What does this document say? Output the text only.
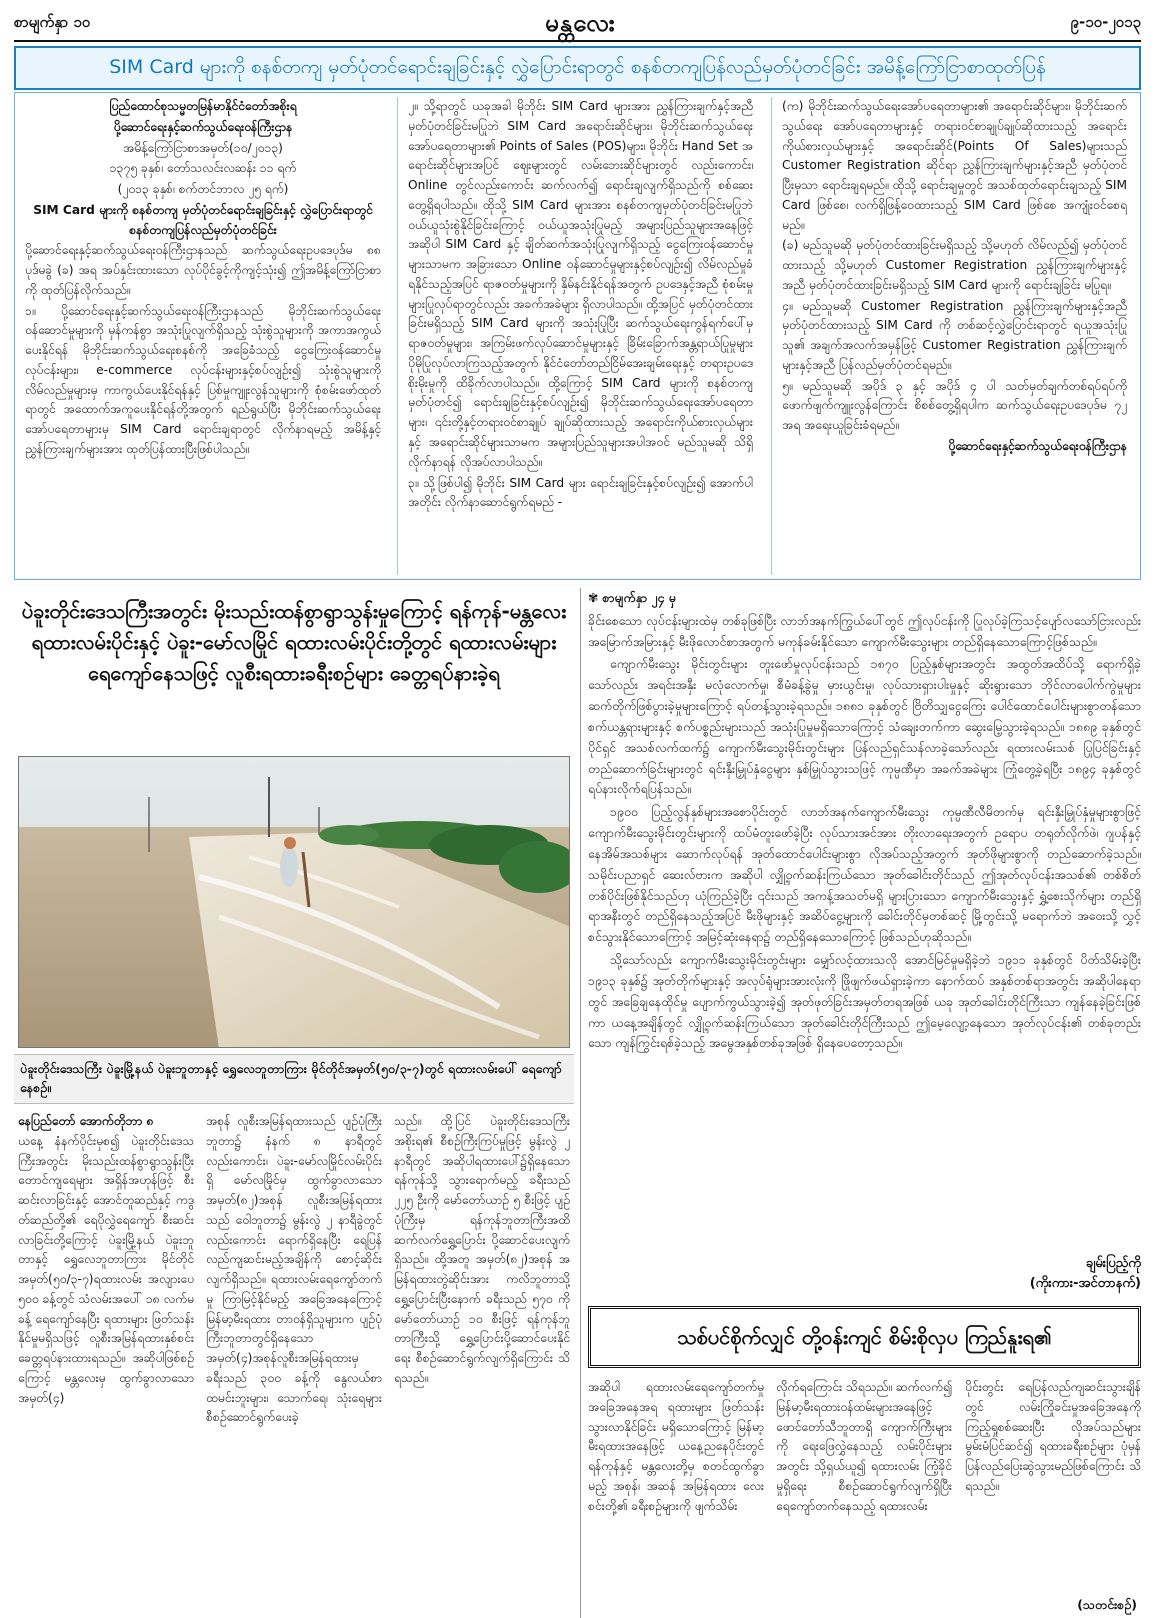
စာမျက်နှာ ၁၀	မန္တလေး	၉-၁၀-၂၀၁၃
SIM Card များကို စနစ်တကျ မှတ်ပုံတင်ရောင်းချခြင်းနှင့် လွှဲပြောင်းရာတွင် စနစ်တကျပြန်လည်မှတ်ပုံတင်ခြင်း အမိန့်ကြော်ငြာစာထုတ်ပြန်

ပြည်ထောင်စုသမ္မတမြန်မာနိုင်ငံတော်အစိုးရ

ပို့ဆောင်ရေးနှင့်ဆက်သွယ်ရေးဝန်ကြီးဌာန

အမိန့်ကြော်ငြာစာအမှတ်(၁၀/၂၀၁၃)

၁၃၇၅ ခုနှစ်၊ တော်သလင်းလဆန်း ၁၁ ရက်

(၂၀၁၃ ခုနှစ်၊ စက်တင်ဘာလ ၂၅ ရက်)

SIM Card များကို စနစ်တကျ မှတ်ပုံတင်ရောင်းချခြင်းနှင့် လွှဲပြောင်းရာတွင် စနစ်တကျပြန်လည်မှတ်ပုံတင်ခြင်း

ပို့ဆောင်ရေးနှင့်ဆက်သွယ်ရေးဝန်ကြီးဌာနသည် ဆက်သွယ်ရေးဥပဒေပုဒ်မ ၈၈ ပုဒ်မခွဲ (ခ) အရ အပ်နှင်းထားသော လုပ်ပိုင်ခွင့်ကိုကျင့်သုံး၍ ဤအမိန့်ကြော်ငြာစာကို ထုတ်ပြန်လိုက်သည်။

၁။ ပို့ဆောင်ရေးနှင့်ဆက်သွယ်ရေးဝန်ကြီးဌာနသည် မိုဘိုင်းဆက်သွယ်ရေးဝန်ဆောင်မှုများကို မှန်ကန်စွာ အသုံးပြုလျက်ရှိသည့် သုံးစွဲသူများကို အကာအကွယ်ပေးနိုင်ရန် မိုဘိုင်းဆက်သွယ်ရေးစနစ်ကို အခြေခံသည့် ငွေကြေးဝန်ဆောင်မှုလုပ်ငန်းများ၊ e-commerce လုပ်ငန်းများနှင့်စပ်လျဉ်း၍ သုံးစွဲသူများကို လိမ်လည်မှုများမှ ကာကွယ်ပေးနိုင်ရန်နှင့် ပြစ်မှုကျူးလွန်သူများကို စုံစမ်းဖော်ထုတ်ရာတွင် အထောက်အကူပေးနိုင်ရန်တို့အတွက် ရည်ရွယ်ပြီး မိုဘိုင်းဆက်သွယ်ရေးအော်ပရေတာများမှ SIM Card ရောင်းချရာတွင် လိုက်နာရမည့် အမိန့်နှင့် ညွှန်ကြားချက်များအား ထုတ်ပြန်ထားပြီးဖြစ်ပါသည်။

၂။ သို့ရာတွင် ယခုအခါ မိုဘိုင်း SIM Card များအား ညွှန်ကြားချက်နှင့်အညီ မှတ်ပုံတင်ခြင်းမပြုဘဲ SIM Card အရောင်းဆိုင်များ၊ မိုဘိုင်းဆက်သွယ်ရေးအော်ပရေတာများ၏ Points of Sales (POS)များ၊ မိုဘိုင်း Hand Set အရောင်းဆိုင်များအပြင် ဈေးများတွင် လမ်းဘေးဆိုင်များတွင် လည်းကောင်း၊ Online တွင်လည်းကောင်း ဆက်လက်၍ ရောင်းချလျက်ရှိသည်ကို စစ်ဆေးတွေ့ရှိရပါသည်။ ထိုသို့ SIM Card များအား စနစ်တကျမှတ်ပုံတင်ခြင်းမပြုဘဲ ဝယ်ယူသုံးစွဲနိုင်ခြင်းကြောင့် ဝယ်ယူအသုံးပြုမည့် အများပြည်သူများအနေဖြင့် အဆိုပါ SIM Card နှင့် ချိတ်ဆက်အသုံးပြုလျက်ရှိသည့် ငွေကြေးဝန်ဆောင်မှုများသာမက အခြားသော Online ဝန်ဆောင်မှုများနှင့်စပ်လျဉ်း၍ လိမ်လည်မှုခံရနိုင်သည့်အပြင် ရာဇဝတ်မှုများကို နှိမ်နင်းနိုင်ရန်အတွက် ဥပဒေနှင့်အညီ စုံစမ်းမှုများပြုလုပ်ရာတွင်လည်း အခက်အခဲများ ရှိလာပါသည်။ ထို့အပြင် မှတ်ပုံတင်ထားခြင်းမရှိသည့် SIM Card များကို အသုံးပြုပြီး ဆက်သွယ်ရေးကွန်ရက်ပေါ်မှ ရာဇဝတ်မှုများ၊ အကြမ်းဖက်လုပ်ဆောင်မှုများနှင့် ခြိမ်းခြောက်အန္တရာယ်ပြုမှုများ ပိုမိုပြုလုပ်လာကြသည့်အတွက် နိုင်ငံတော်တည်ငြိမ်အေးချမ်းရေးနှင့် တရားဥပဒေစိုးမိုးမှုကို ထိခိုက်လာပါသည်။ ထို့ကြောင့် SIM Card များကို စနစ်တကျမှတ်ပုံတင်၍ ရောင်းချခြင်းနှင့်စပ်လျဉ်း၍ မိုဘိုင်းဆက်သွယ်ရေးအော်ပရေတာများ၊ ၎င်းတို့နှင့်တရားဝင်စာချုပ် ချုပ်ဆိုထားသည့် အရောင်းကိုယ်စားလှယ်များနှင့် အရောင်းဆိုင်များသာမက အများပြည်သူများအပါအဝင် မည်သူမဆို သိရှိလိုက်နာရန် လိုအပ်လာပါသည်။

၃။ သို့ဖြစ်ပါ၍ မိုဘိုင်း SIM Card များ ရောင်းချခြင်းနှင့်စပ်လျဉ်း၍ အောက်ပါအတိုင်း လိုက်နာဆောင်ရွက်ရမည် -

(က) မိုဘိုင်းဆက်သွယ်ရေးအော်ပရေတာများ၏ အရောင်းဆိုင်များ၊ မိုဘိုင်းဆက်သွယ်ရေး အော်ပရေတာများနှင့် တရားဝင်စာချုပ်ချုပ်ဆိုထားသည့် အရောင်းကိုယ်စားလှယ်များနှင့် အရောင်းဆိုင်(Points Of Sales)များသည် Customer Registration ဆိုင်ရာ ညွှန်ကြားချက်များနှင့်အညီ မှတ်ပုံတင်ပြီးမှသာ ရောင်းချရမည်။ ထိုသို့ ရောင်းချမှုတွင် အသစ်ထုတ်ရောင်းချသည့် SIM Card ဖြစ်စေ၊ လက်ရှိဖြန့်ဝေထားသည့် SIM Card ဖြစ်စေ အကျုံးဝင်စေရမည်။

(ခ) မည်သူမဆို မှတ်ပုံတင်ထားခြင်းမရှိသည့် သို့မဟုတ် လိမ်လည်၍ မှတ်ပုံတင်ထားသည့် သို့မဟုတ် Customer Registration ညွှန်ကြားချက်များနှင့်အညီ မှတ်ပုံတင်ထားခြင်းမရှိသည့် SIM Card များကို ရောင်းချခြင်း မပြုရ။

၄။ မည်သူမဆို Customer Registration ညွှန်ကြားချက်များနှင့်အညီ မှတ်ပုံတင်ထားသည့် SIM Card ကို တစ်ဆင့်လွှဲပြောင်းရာတွင် ရယူအသုံးပြုသူ၏ အချက်အလက်အမှန်ဖြင့် Customer Registration ညွှန်ကြားချက်များနှင့်အညီ ပြန်လည်မှတ်ပုံတင်ရမည်။

၅။ မည်သူမဆို အပိုဒ် ၃ နှင့် အပိုဒ် ၄ ပါ သတ်မှတ်ချက်တစ်ရပ်ရပ်ကို ဖောက်ဖျက်ကျူးလွန်ကြောင်း စိစစ်တွေ့ရှိရပါက ဆက်သွယ်ရေးဥပဒေပုဒ်မ ၇၂ အရ အရေးယူခြင်းခံရမည်။

ပို့ဆောင်ရေးနှင့်ဆက်သွယ်ရေးဝန်ကြီးဌာန

ပဲခူးတိုင်းဒေသကြီးအတွင်း မိုးသည်းထန်စွာရွာသွန်းမှုကြောင့် ရန်ကုန်-မန္တလေး ရထားလမ်းပိုင်းနှင့် ပဲခူး-မော်လမြိုင် ရထားလမ်းပိုင်းတို့တွင် ရထားလမ်းများ ရေကျော်နေသဖြင့် လူစီးရထားခရီးစဉ်များ ခေတ္တရပ်နားခဲ့ရ
ပဲခူးတိုင်းဒေသကြီး ပဲခူးမြို့နယ် ပဲခူးဘူတာနှင့် ရွှေလေဘူတာကြား မိုင်တိုင်အမှတ်(၅၀/၃-၇)တွင် ရထားလမ်းပေါ် ရေကျော်နေစဉ်။

နေပြည်တော် အောက်တိုဘာ ၈

ယနေ့ နံနက်ပိုင်းမှစ၍ ပဲခူးတိုင်းဒေသကြီးအတွင်း မိုးသည်းထန်စွာရွာသွန်းပြီး တောင်ကျရေများ အရှိန်အဟုန်ဖြင့် စီးဆင်းလာခြင်းနှင့် အောင်တူဆည်နှင့် ကဒွတ်ဆည်တို့၏ ရေပိုလွှဲရေကျော် စီးဆင်းလာခြင်းတို့ကြောင့် ပဲခူးမြို့နယ် ပဲခူးဘူတာနှင့် ရွှေလေဘူတာကြား မိုင်တိုင်အမှတ်(၅၀/၃-၇)ရထားလမ်း အလျားပေ ၅၀၀ ခန့်တွင် သံလမ်းအပေါ် ၁၈ လက်မခန့် ရေကျော်နေပြီး ရထားများ ဖြတ်သန်းနိုင်မှုမရှိသဖြင့် လူစီးအမြန်ရထားနှစ်စင်း ခေတ္တရပ်နားထားရသည်။ အဆိုပါဖြစ်စဉ်ကြောင့် မန္တလေးမှ ထွက်ခွာလာသော အမှတ်(၄)

အစုန် လူစီးအမြန်ရထားသည် ပျဉ်ပုံကြီးဘူတာ၌ နံနက် ၈ နာရီတွင်လည်းကောင်း၊ ပဲခူး-မော်လမြိုင်လမ်းပိုင်းရှိ မော်လမြိုင်မှ ထွက်ခွာလာသော အမှတ်(၈၂)အစုန် လူစီးအမြန်ရထားသည် ဝေါဘူတာ၌ မွန်းလွဲ ၂ နာရီခွဲတွင်လည်းကောင်း ရောက်ရှိနေပြီး ရေပြန်လည်ကျဆင်းမည့်အချိန်ကို စောင့်ဆိုင်းလျက်ရှိသည်။ ရထားလမ်းရေကျော်တက်မှု ကြာမြင့်နိုင်မည့် အခြေအနေကြောင့် မြန်မာ့မီးရထား တာဝန်ရှိသူများက ပျဉ်ပုံကြီးဘူတာတွင်ရှိနေသော အမှတ်(၄)အစုန်လူစီးအမြန်ရထားမှ ခရီးသည် ၃၀၀ ခန့်ကို နွေလယ်စာထမင်းဘူးများ၊ သောက်ရေ၊ သုံးရေများ စီစဉ်ဆောင်ရွက်ပေးခဲ့

သည်။ ထို့ပြင် ပဲခူးတိုင်းဒေသကြီးအစိုးရ၏ စီစဉ်ကြီးကြပ်မှုဖြင့် မွန်းလွဲ ၂ နာရီတွင် အဆိုပါရထားပေါ်၌ရှိနေသော ရန်ကုန်သို့ သွားရောက်မည့် ခရီးသည် ၂၂၅ ဦးကို မော်တော်ယာဉ် ၅ စီးဖြင့် ပျဉ်ပုံကြီးမှ ရန်ကုန်ဘူတာကြီးအထိ ဆက်လက်ရွှေ့ပြောင်း ပို့ဆောင်ပေးလျက်ရှိသည်။ ထို့အတူ အမှတ်(၈၂)အစုန် အမြန်ရထားတွဲဆိုင်းအား ကလိဘူတာသို့ ရွှေ့ပြောင်းပြီးနောက် ခရီးသည် ၅၇၀ ကို မော်တော်ယာဉ် ၁၀ စီးဖြင့် ရန်ကုန်ဘူတာကြီးသို့ ရွှေ့ပြောင်းပို့ဆောင်ပေးနိုင်ရေး စီစဉ်ဆောင်ရွက်လျက်ရှိကြောင်း သိရသည်။

✾ စာမျက်နှာ ၂၄ မှ

ခိုင်းစေသော လုပ်ငန်းများထဲမှ တစ်ခုဖြစ်ပြီး လာဘ်အနက်ကြွယ်ပေါ်တွင် ဤလုပ်ငန်းကို ပြုလုပ်ခဲ့ကြသင့်ပျော်လသော်ငြားလည်း အမြောက်အမြားနှင့် မီးဖိုလောင်စာအတွက် မကုန်ခမ်းနိုင်သော ကျောက်မီးသွေးများ တည်ရှိနေသောကြောင့်ဖြစ်သည်။

ကျောက်မီးသွေး မိုင်းတွင်းများ တူးဖော်မှုလုပ်ငန်းသည် ၁၈၇၀ ပြည့်နှစ်များအတွင်း အထွတ်အထိပ်သို့ ရောက်ရှိခဲ့သော်လည်း အရင်းအနှီး မလုံလောက်မှု၊ စီမံခန့်ခွဲမှု မှားယွင်းမှု၊ လုပ်သားရှားပါးမှုနှင့် ဆိုးရွားသော ဘိုင်လာပေါက်ကွဲမှုများ ဆက်တိုက်ဖြစ်ပွားခဲ့မှုများကြောင့် ရပ်တန့်သွားခဲ့ရသည်။ ၁၈၈၁ ခုနှစ်တွင် ဗြိတိသျှငွေကြေး ပေါင်ထောင်ပေါင်းများစွာတန်သော စက်ယန္တရားများနှင့် စက်ပစ္စည်းများသည် အသုံးပြုမှုမရှိသောကြောင့် သံချေးတက်ကာ ဆွေးမြေ့သွားခဲ့ရသည်။ ၁၈၈၉ ခုနှစ်တွင် ပိုင်ရှင် အသစ်လက်ထက်၌ ကျောက်မီးသွေးမိုင်းတွင်းများ ပြန်လည်ရှင်သန်လာခဲ့သော်လည်း ရထားလမ်းသစ် ပြုပြင်ခြင်းနှင့် တည်ဆောက်ခြင်းများတွင် ရင်းနှီးမြှုပ်နှံငွေများ နှစ်မြှုပ်သွားသဖြင့် ကုမ္ပဏီမှာ အခက်အခဲများ ကြုံတွေ့ခဲ့ရပြီး ၁၈၉၄ ခုနှစ်တွင် ရပ်နားလိုက်ရပြန်သည်။

၁၉၀၀ ပြည့်လွန်နှစ်များအစောပိုင်းတွင် လာဘ်အနက်ကျောက်မီးသွေး ကုမ္ပဏီလီမိတက်မှ ရင်းနှီးမြှုပ်နှံမှုများစွာဖြင့် ကျောက်မီးသွေးမိုင်းတွင်းများကို ထပ်မံတူးဖော်ခဲ့ပြီး လုပ်သားအင်အား တိုးလာရေးအတွက် ဥရောပ တရုတ်လိုက်ဖဲ၊ ဂျပန်နှင့် နေအိမ်အသစ်များ ဆောက်လုပ်ရန် အုတ်ထောင်ပေါင်းများစွာ လိုအပ်သည့်အတွက် အုတ်ဖိုများစွာကို တည်ဆောက်ခဲ့သည်။ သမိုင်းပညာရှင် ဆေးလ်ဗားက အဆိုပါ လျှို့ဝှက်ဆန်းကြယ်သော အုတ်ခေါင်းတိုင်သည် ဤအုတ်လုပ်ငန်းအသစ်၏ တစ်စိတ်တစ်ပိုင်းဖြစ်နိုင်သည်ဟု ယုံကြည်ခဲ့ပြီး ၎င်းသည် အကန့်အသတ်မရှိ များပြားသော ကျောက်မီးသွေးနှင့် ရွှံ့စေးသိုက်များ တည်ရှိရာအနီးတွင် တည်ရှိနေသည့်အပြင် မီးဖိုများနှင့် အဆိပ်ငွေ့များကို ခေါင်းတိုင်မှတစ်ဆင့် မြို့တွင်းသို့ မရောက်ဘဲ အဝေးသို့ လွှင့်စင်သွားနိုင်သောကြောင့် အမြင့်ဆုံးနေရာ၌ တည်ရှိနေသောကြောင့် ဖြစ်သည်ဟုဆိုသည်။

သို့သော်လည်း ကျောက်မီးသွေးမိုင်းတွင်းများ မျှော်လင့်ထားသလို အောင်မြင်မှုမရှိခဲ့ဘဲ ၁၉၁၁ ခုနှစ်တွင် ပိတ်သိမ်းခဲ့ပြီး ၁၉၁၃ ခုနှစ်၌ အုတ်တိုက်များနှင့် အလုပ်ရုံများအားလုံးကို ဖြိုဖျက်ဖယ်ရှားခဲ့ကာ နောက်ထပ် အနှစ်တစ်ရာအတွင်း အဆိုပါနေရာတွင် အခြေချနေထိုင်မှု ပျောက်ကွယ်သွားခဲ့၍ အုတ်ဖုတ်ခြင်းအမှတ်တရအဖြစ် ယခု အုတ်ခေါင်းတိုင်ကြီးသာ ကျန်နေခဲ့ခြင်းဖြစ်ကာ ယနေ့အချိန်တွင် လျှို့ဝှက်ဆန်းကြယ်သော အုတ်ခေါင်းတိုင်ကြီးသည် ဤမေ့လျော့နေသော အုတ်လုပ်ငန်း၏ တစ်ခုတည်းသော ကျန်ကြွင်းရစ်ခဲ့သည့် အမွေအနှစ်တစ်ခုအဖြစ် ရှိနေပေတော့သည်။

ချမ်းပြည့်ကို
(ကိုးကား-အင်တာနက်)
သစ်ပင်စိုက်လျှင် တို့ဝန်းကျင် စိမ်းစိုလှပ ကြည်နူးရ၏
အဆိုပါ ရထားလမ်းရေကျော်တက်မှုအခြေအနေအရ ရထားများ ဖြတ်သန်းသွားလာနိုင်ခြင်း မရှိသောကြောင့် မြန်မာ့မီးရထားအနေဖြင့် ယနေ့ညနေပိုင်းတွင် ရန်ကုန်နှင့် မန္တလေးတို့မှ စတင်ထွက်ခွာမည့် အစုန်၊ အဆန် အမြန်ရထား လေးစင်းတို့၏ ခရီးစဉ်များကို ဖျက်သိမ်း
လိုက်ရကြောင်း သိရသည်။ ဆက်လက်၍ မြန်မာ့မီးရထားဝန်ထမ်းများအနေဖြင့် ဖောင်တော်သီဘူတာရှိ ကျောက်ကြီးများကို ရေးဖြေလွှဲနေသည့် လမ်းပိုင်းများအတွင်း သို့ရှယ်ယူ၍ ရထားလမ်း ကြံ့ခိုင်မှုရှိရေး စီစဉ်ဆောင်ရွက်လျက်ရှိပြီး ရေကျော်တက်နေသည့် ရထားလမ်း
ပိုင်းတွင်း ရေပြန်လည်ကျဆင်းသွားချိန်တွင် လမ်းကြိုခင်းမှုအခြေအနေကို ကြည့်ရှုစစ်ဆေးပြီး လိုအပ်သည်များ မွမ်းမံပြင်ဆင်၍ ရထားခရီးစဉ်များ ပုံမှန်ပြန်လည်ပြေးဆွဲသွားမည်ဖြစ်ကြောင်း သိရသည်။
(သတင်းစဉ်)
